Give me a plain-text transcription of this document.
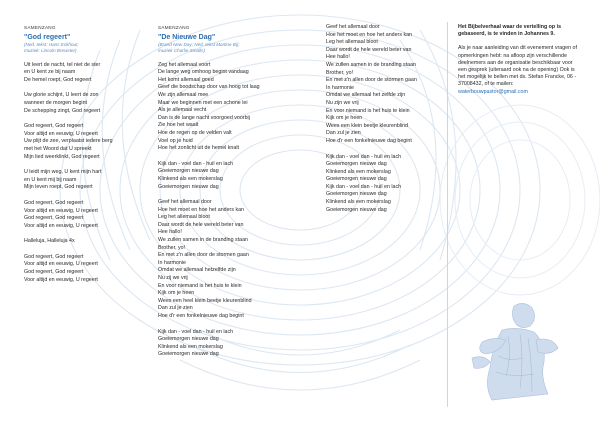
SAMENZANG
"God regeert"
(Ned. tekst: Hans Eckhout;
muziek: Lincoln Brewster)
Uit leert de nacht, tel niet de ster
en U kent ze bij naam
De hemel roept, God regeert
Uw glorie schijnt, U leert de zon
wanneer de morgen begint
De schepping zingt, God regeert
God regeert, God regeert
Voor altijd en eeuwig, U regeert
Uw plijt de zee, verplaatst iedere berg
met het Woord dat U spreekt
Mijn lied weerklinkt, God regeert
U leidt mijn weg, U kent mijn hart
en U kent mij bij naam
Mijn leven roept, God regeert
God regeert, God regeert
Voor altijd en eeuwig, U regeert
God regeert, God regeert
Voor altijd en eeuwig, U regeert
Halleluja, Halleluja 4x
God regeert, God regeert
Voor altijd en eeuwig, U regeert
God regeert, God regeert
Voor altijd en eeuwig, U regeert
SAMENZANG
"De Nieuwe Dag"
(Brand New Day; Ned. tekst Martine Bij;
muziek Charlie Smalls)
Zeg het allemaal voort
De lange weg omhoog begint vandaag
Het komt allemaal goed
Geef die boodschap door van hoog tot laag
We zijn allemaal mee
Maar we beginnen met een schone lei
Als je allemaal vecht
Dan is de lange nacht voorgoed voorbij
Zie hoe het waait
Hoe de regen op de velden valt
Voel op je huid
Hoe het zonlicht uit de hemel knalt
Kijk dan - voel dan - huil en lach
Goeiemorgen nieuwe dag
Klinkend als een mokerslag
Goeiemorgen nieuwe dag
Geef het allemaal door
Hoe het moet en hoe het anders kan
Leg het allemaal bloot
Daar wordt de hele wereld beter van
Hee hallo!
We zullen samen in de branding staan
Brother, yo!
En met z'n allen door de stormen gaan
In harmonie
Omdat we allemaal hetzelfde zijn
Nu zij we vrij
En voor niemand is het huis te klein
Kijk om je heen
Wees een heel klein beetje kleurenblind
Dan zul je zien
Hoe d'r een fonkelnieuwe dag begint
Kijk dan - voel dan - huil en lach
Goeiemorgen nieuwe dag
Klinkend als een mokerslag
Goeiemorgen nieuwe dag
Geef het allemaal door
Hoe het moet en hoe het anders kan
Leg het allemaal bloot
Daar wordt de hele wereld beter van
Hee hallo!
We zullen samen in de branding staan
Brother, yo!
En met z'n allen door de stormen gaan
In harmonie
Omdat we allemaal het zelfde zijn
Nu zijn we vrij
En voor niemand is het huis te klein
Kijk om je heen
Wees een klein beetje kleurenblind
Dan zul je zien
Hoe d'r een fonkelnieuwe dag begint
Kijk dan - voel dan - huil en lach
Goeiemorgen nieuwe dag
Klinkend als een mokerslag
Goeiemorgen nieuwe dag
Kijk dan - voel dan - huil en lach
Goeiemorgen nieuwe dag
Klinkend als een mokerslag
Goeiemorgen nieuwe dag
Het Bijbelverhaal waar de vertelling op is gebaseerd, is te vinden in Johannes 9.
Als je naar aanleiding van dit evenement vragen of opmerkingen hebt: na afloop zijn verschillende deelnemers aan de organisatie beschikbaar voor een gesprek (uiteraard ook na de opening) Ook is het mogelijk te bellen met ds. Stefan Francke, 06 - 37008432, of te mailen: waterbouwpastor@gmail.com
